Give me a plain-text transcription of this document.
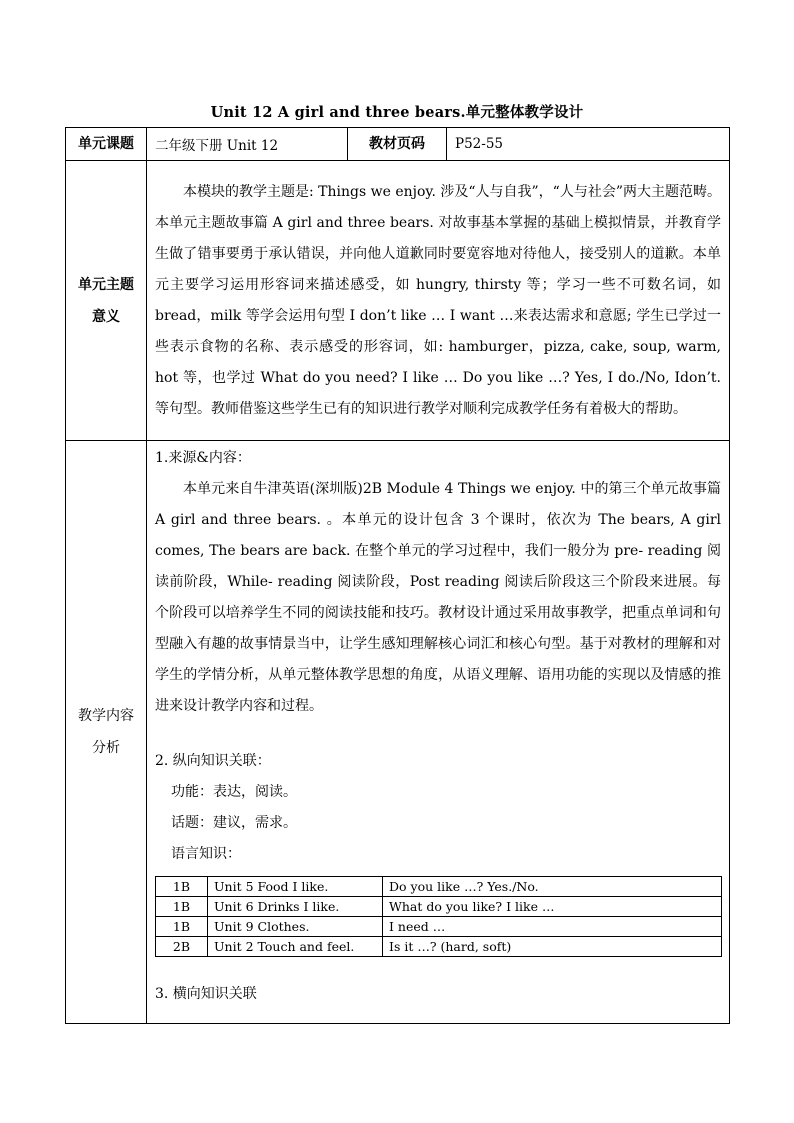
Unit 12 A girl and three bears.单元整体教学设计
单元课题	二年级下册 Unit 12	教材页码	P52-55
单元主题意义	
本模块的教学主题是: Things we enjoy. 涉及“人与自我”，“人与社会”两大主题范畴。本单元主题故事篇 A girl and three bears. 对故事基本掌握的基础上模拟情景，并教育学生做了错事要勇于承认错误，并向他人道歉同时要宽容地对待他人，接受别人的道歉。本单元主要学习运用形容词来描述感受，如 hungry, thirsty 等；学习一些不可数名词，如 bread，milk 等学会运用句型 I don’t like … I want …来表达需求和意愿; 学生已学过一些表示食物的名称、表示感受的形容词，如: hamburger，pizza, cake, soup, warm, hot 等，也学过 What do you need? I like … Do you like …? Yes, I do./No, Idon’t. 等句型。教师借鉴这些学生已有的知识进行教学对顺利完成教学任务有着极大的帮助。

教学内容分析	
1.来源&内容：
本单元来自牛津英语(深圳版)2B Module 4 Things we enjoy. 中的第三个单元故事篇 A girl and three bears. 。本单元的设计包含 3 个课时，依次为 The bears, A girl comes, The bears are back. 在整个单元的学习过程中，我们一般分为 pre- reading 阅读前阶段，While- reading 阅读阶段，Post reading 阅读后阶段这三个阶段来进展。每个阶段可以培养学生不同的阅读技能和技巧。教材设计通过采用故事教学，把重点单词和句型融入有趣的故事情景当中，让学生感知理解核心词汇和核心句型。基于对教材的理解和对学生的学情分析，从单元整体教学思想的角度，从语义理解、语用功能的实现以及情感的推进来设计教学内容和过程。
2. 纵向知识关联：
功能：表达，阅读。
话题：建议，需求。
语言知识：
1B	Unit 5 Food I like.	Do you like …? Yes./No.
1B	Unit 6 Drinks I like.	What do you like? I like …
1B	Unit 9 Clothes.	I need …
2B	Unit 2 Touch and feel.	Is it …? (hard, soft)
3. 横向知识关联
